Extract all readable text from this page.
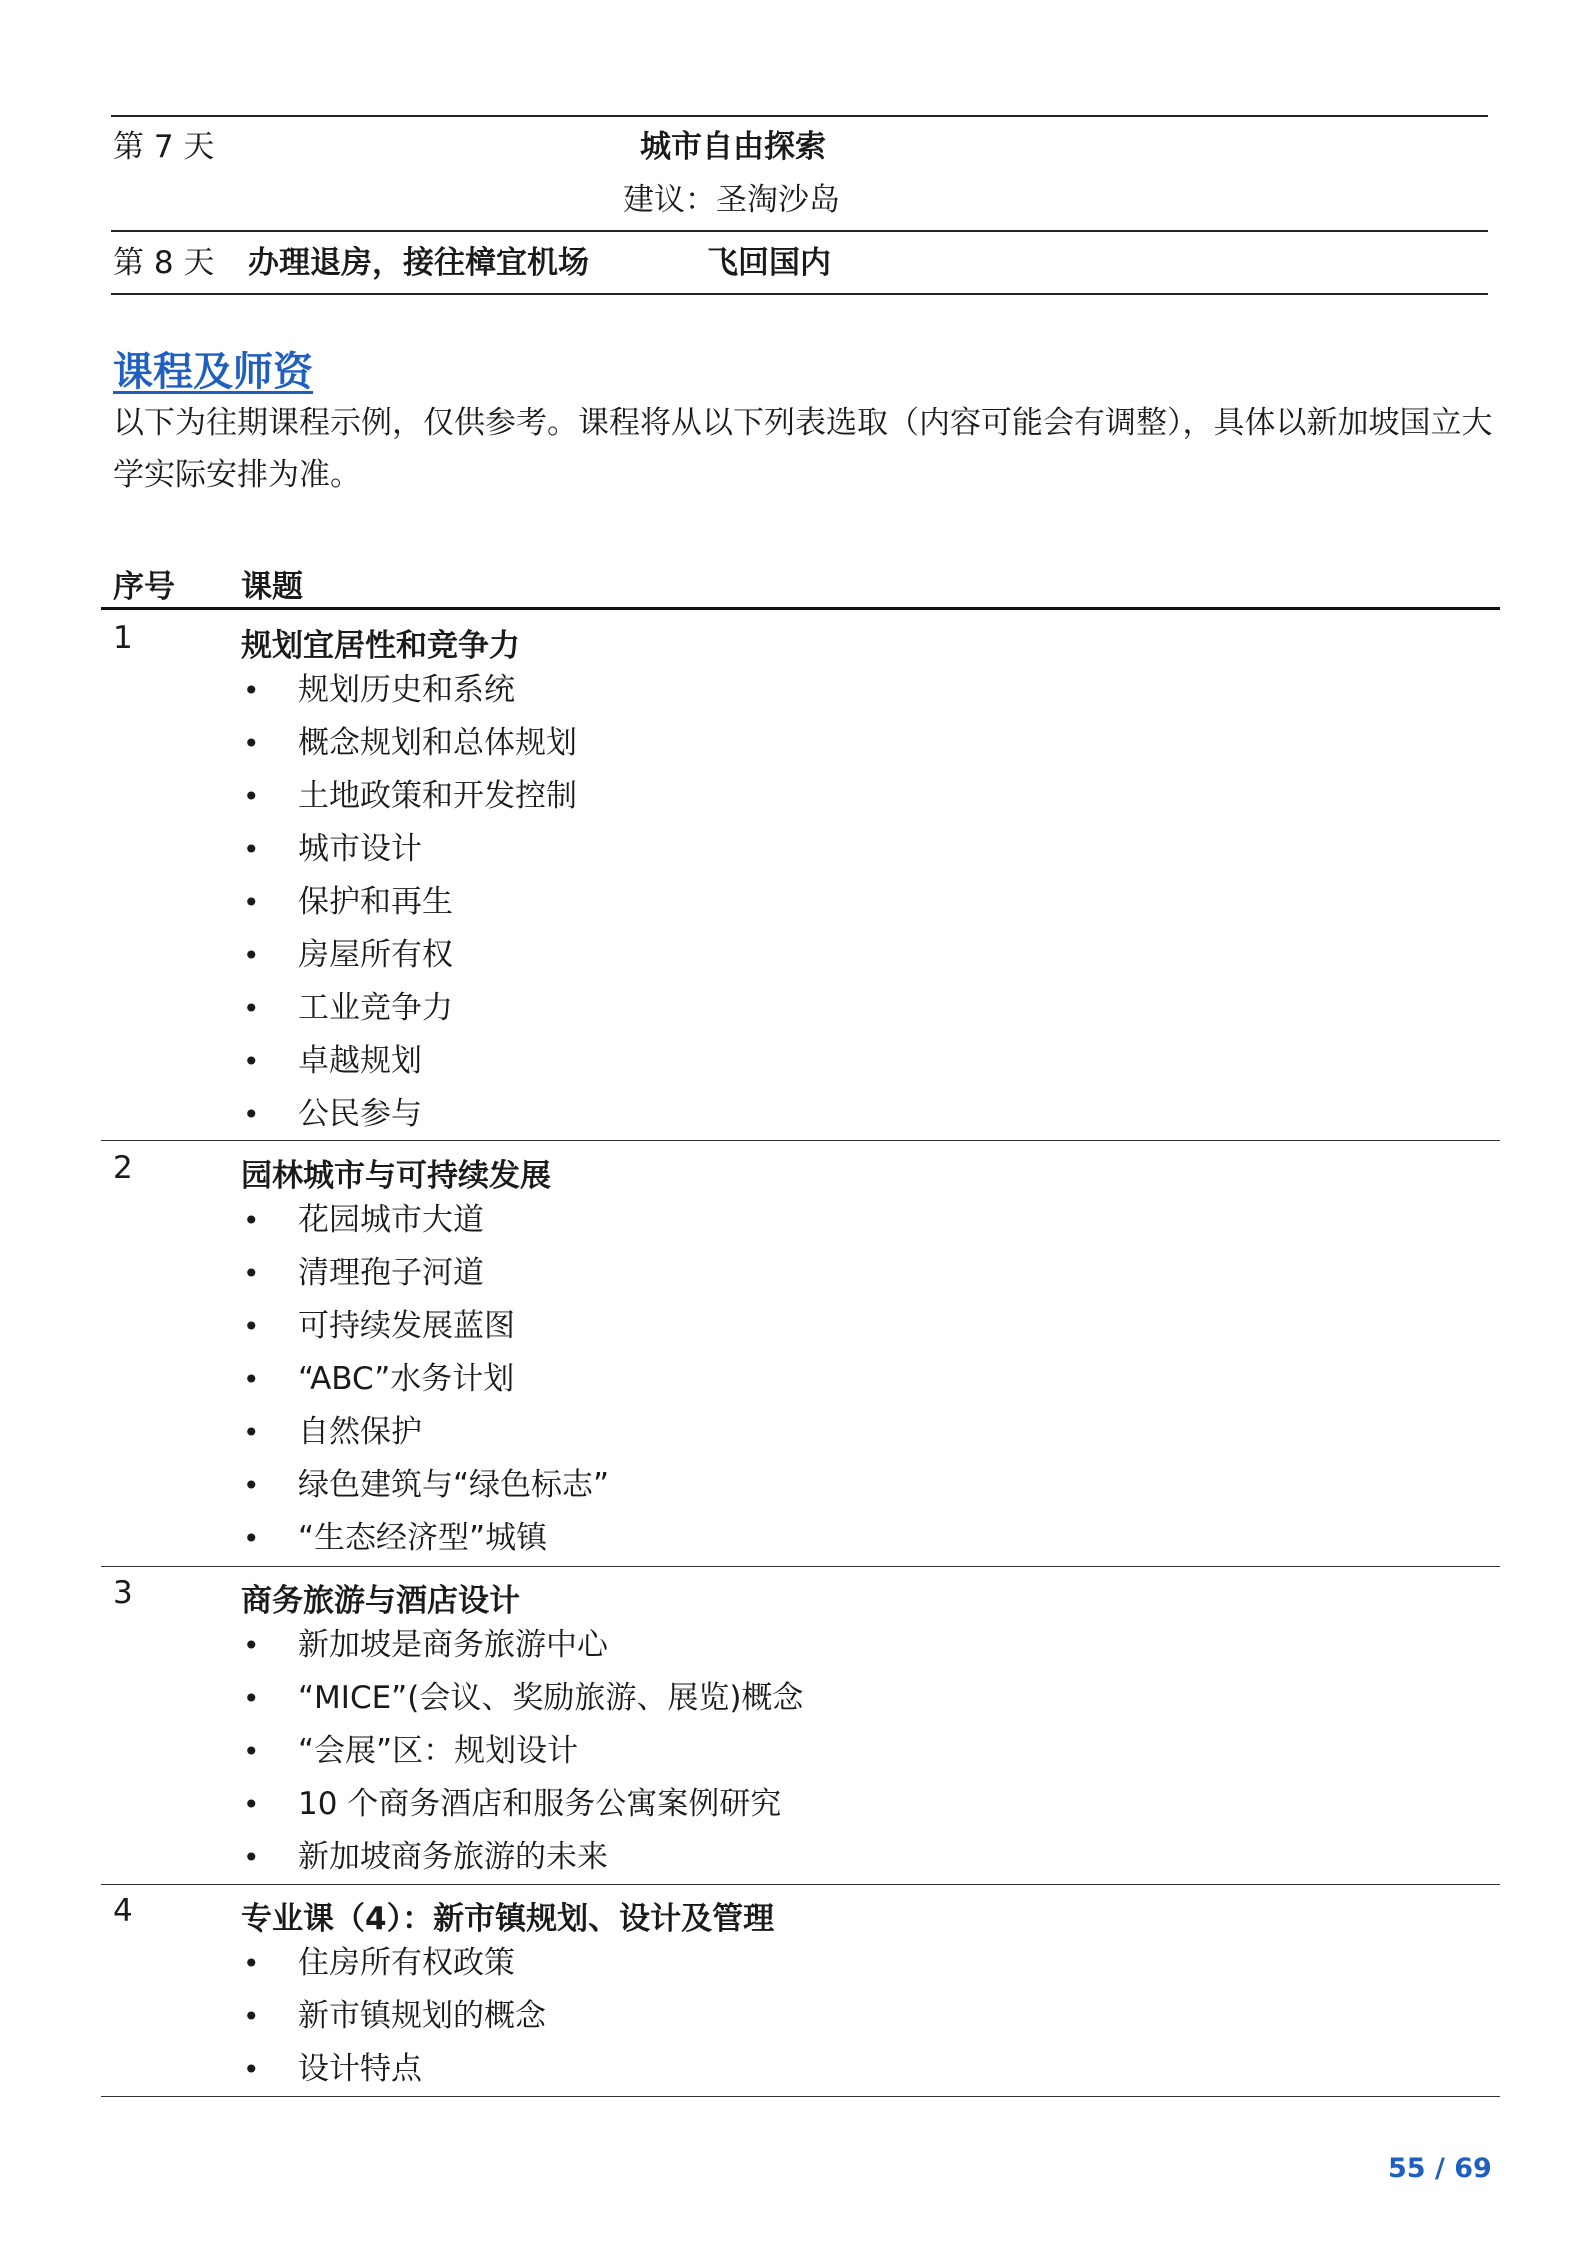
第 7 天	城市自由探索
建议：圣淘沙岛
第 8 天 办理退房，接往樟宜机场	飞回国内
课程及师资
以下为往期课程示例，仅供参考。课程将从以下列表选取（内容可能会有调整），具体以新加坡国立大学实际安排为准。
序号 课题
1	规划宜居性和竞争力
• 规划历史和系统
• 概念规划和总体规划
• 土地政策和开发控制
• 城市设计
• 保护和再生
• 房屋所有权
• 工业竞争力
• 卓越规划
• 公民参与
2	园林城市与可持续发展
• 花园城市大道
• 清理孢子河道
• 可持续发展蓝图
• “ABC”水务计划
• 自然保护
• 绿色建筑与“绿色标志”
• “生态经济型”城镇
3	商务旅游与酒店设计
• 新加坡是商务旅游中心
• “MICE”(会议、奖励旅游、展览)概念
• “会展”区：规划设计
• 10 个商务酒店和服务公寓案例研究
• 新加坡商务旅游的未来
4	专业课（4）：新市镇规划、设计及管理
• 住房所有权政策
• 新市镇规划的概念
• 设计特点
55 / 69
